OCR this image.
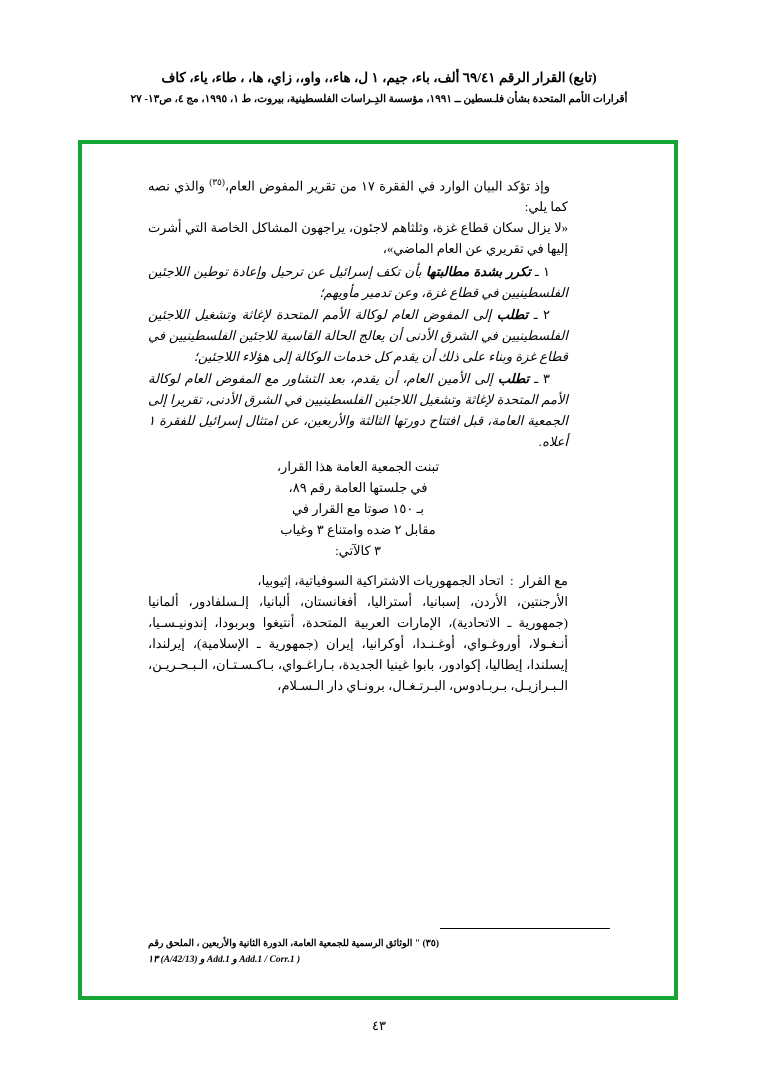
(تابع) القرار الرقم ٦٩/٤١ ألف، باء، جيم، ١ ل، هاء،، واو،، زاي، ها، ، طاء، ياء، كاف
أقرارات الأمم المتحدة بشأن فلـسطين ــ ١٩٩١، مؤسسة الدِـراسات الفلسطينية، بيروت، ط ١، ١٩٩٥، مج ٤، ص١٣- ٢٧

وإذ تؤكد البيان الوارد في الفقرة ١٧ من تقرير المفوض العام،$^{(٣٥)}$ والذي نصه كما يلي:

«لا يزال سكان قطاع غزة، وثلثاهم لاجئون، يراجهون المشاكل الخاصة التي أشرت إليها في تقريري عن العام الماضي»،

١ ـ تكرر بشدة مطالبتها بأن تكف إسرائيل عن ترحيل وإعادة توطين اللاجئين الفلسطينيين في قطاع غزة، وعن تدمير مأويهم؛

٢ ـ تطلب إلى المفوض العام لوكالة الأمم المتحدة لإغاثة وتشغيل اللاجئين الفلسطينيين في الشرق الأدنى أن يعالج الحالة القاسية للاجئين الفلسطينيين في قطاع غزة وبناء على ذلك أن يقدم كل خدمات الوكالة إلى هؤلاء اللاجئين؛

٣ ـ تطلب إلى الأمين العام، أن يقدم، بعد التشاور مع المفوض العام لوكالة الأمم المتحدة لإغاثة وتشغيل اللاجئين الفلسطينيين في الشرق الأدنى، تقريرا إلى الجمعية العامة، قبل افتتاح دورتها الثالثة والأربعين، عن امتثال إسرائيل للفقرة ١ أعلاه.

تبنت الجمعية العامة هذا القرار،

في جلستها العامة رقم ٨٩،

بـ ١٥٠ صوتا مع القرار في

مقابل ٢ ضده وامتناع ٣ وغياب

٣ كالآتي:

مع القرار
:
اتحاد الجمهوريات الاشتراكية السوفياتية، إثيوبيا،
الأرجنتين، الأردن، إسبانيا، أستراليا، أفغانستان، ألبانيا، إلـسلفادور، ألمانيا (جمهورية ـ الاتحادية)، الإمارات العربية المتحدة، أنتيغوا وبربودا، إندونيـسـيا، أنـغـولا، أوروغـواي، أوغـنـدا، أوكرانيا، إيران (جمهورية ـ الإسلامية)، إيرلندا، إيسلندا، إيطاليا، إكوادور، بابوا غينيا الجديدة، بـاراغـواي، بـاكـسـتـان، الـبـحـريـن، الـبـرازيـل، بـربـادوس، البـرتـغـال، برونـاي دار الـسـلام،
(٣٥) " الوثائق الرسمية للجمعية العامة، الدورة الثانية والأربعين ، الملحق رقم
١٣ (A/42/13) و Add.1 و Add.1 / Corr.1 )
٤٣
